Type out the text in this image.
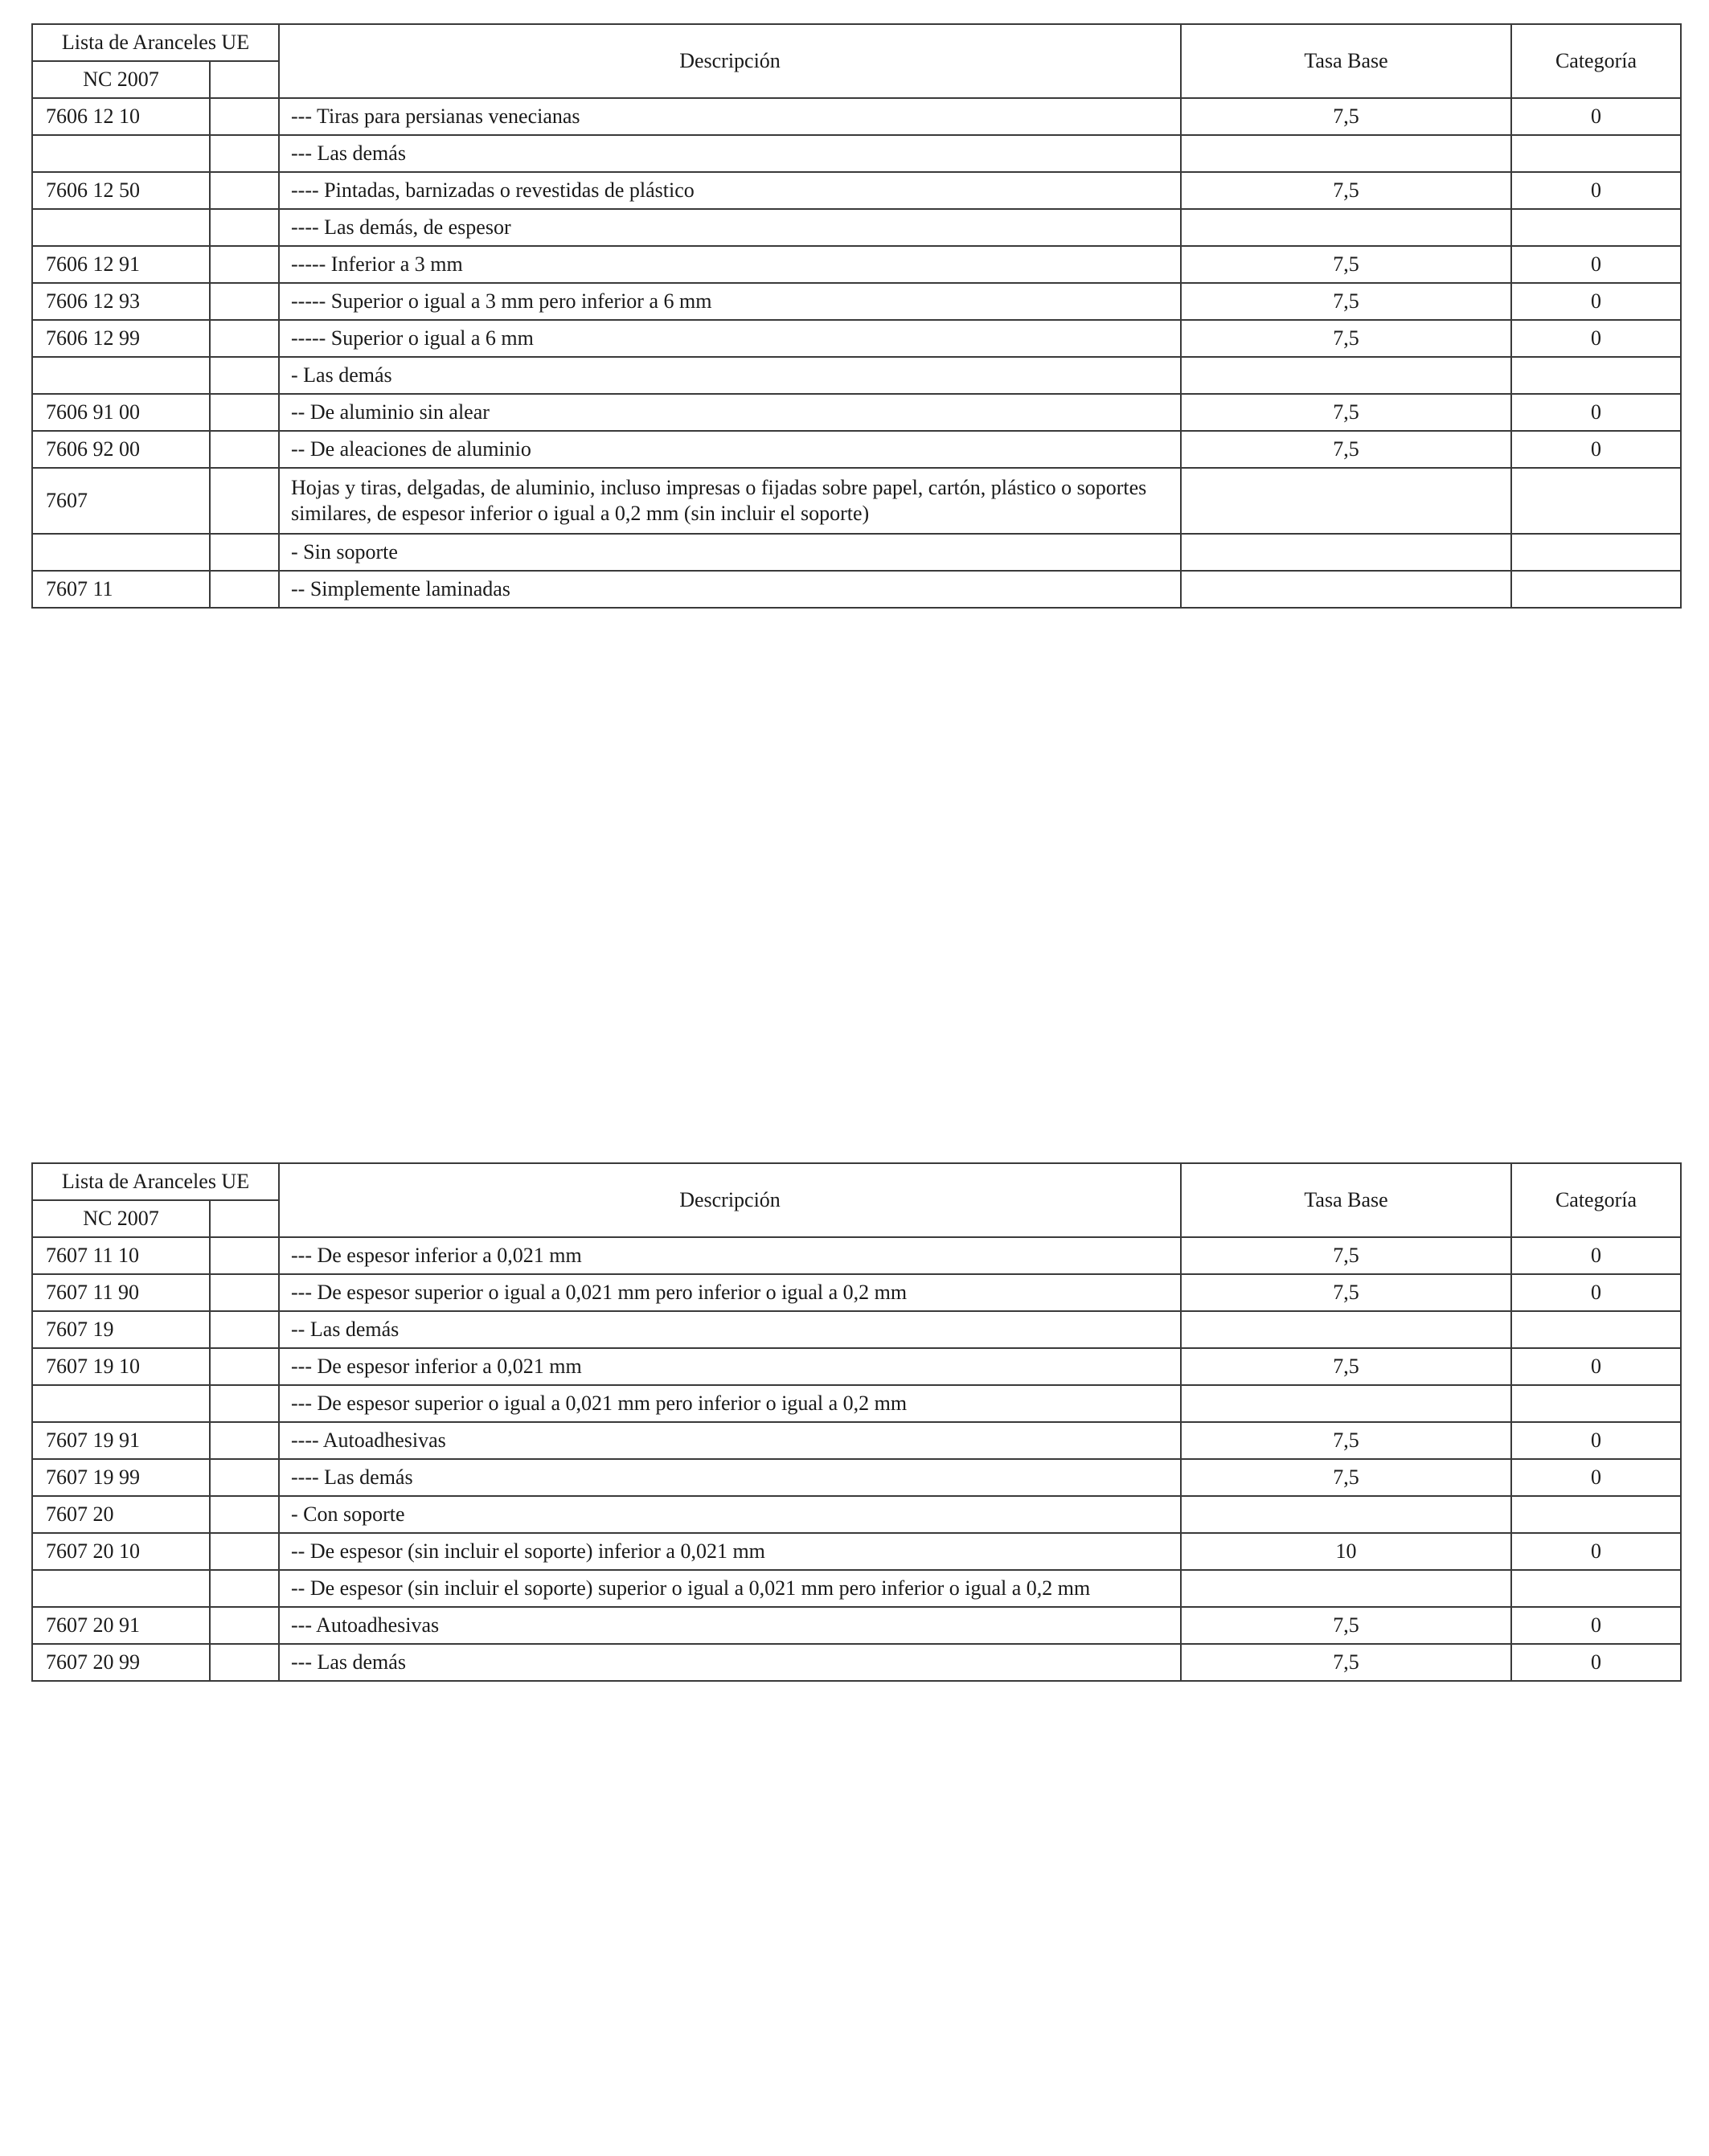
Lista de Aranceles UE		Descripción	Tasa Base	Categoría
NC 2007				
7606 12 10		--- Tiras para persianas venecianas	7,5	0
		--- Las demás		
7606 12 50		---- Pintadas, barnizadas o revestidas de plástico	7,5	0
		---- Las demás, de espesor		
7606 12 91		----- Inferior a 3 mm	7,5	0
7606 12 93		----- Superior o igual a 3 mm pero inferior a 6 mm	7,5	0
7606 12 99		----- Superior o igual a 6 mm	7,5	0
		- Las demás		
7606 91 00		-- De aluminio sin alear	7,5	0
7606 92 00		-- De aleaciones de aluminio	7,5	0
7607		Hojas y tiras, delgadas, de aluminio, incluso impresas o fijadas sobre papel, cartón, plástico o soportes similares, de espesor inferior o igual a 0,2 mm (sin incluir el soporte)		
		- Sin soporte		
7607 11		-- Simplemente laminadas		
Lista de Aranceles UE		Descripción	Tasa Base	Categoría
NC 2007				
7607 11 10		--- De espesor inferior a 0,021 mm	7,5	0
7607 11 90		--- De espesor superior o igual a 0,021 mm pero inferior o igual a 0,2 mm	7,5	0
7607 19		-- Las demás		
7607 19 10		--- De espesor inferior a 0,021 mm	7,5	0
		--- De espesor superior o igual a 0,021 mm pero inferior o igual a 0,2 mm		
7607 19 91		---- Autoadhesivas	7,5	0
7607 19 99		---- Las demás	7,5	0
7607 20		- Con soporte		
7607 20 10		-- De espesor (sin incluir el soporte) inferior a 0,021 mm	10	0
		-- De espesor (sin incluir el soporte) superior o igual a 0,021 mm pero inferior o igual a 0,2 mm		
7607 20 91		--- Autoadhesivas	7,5	0
7607 20 99		--- Las demás	7,5	0
